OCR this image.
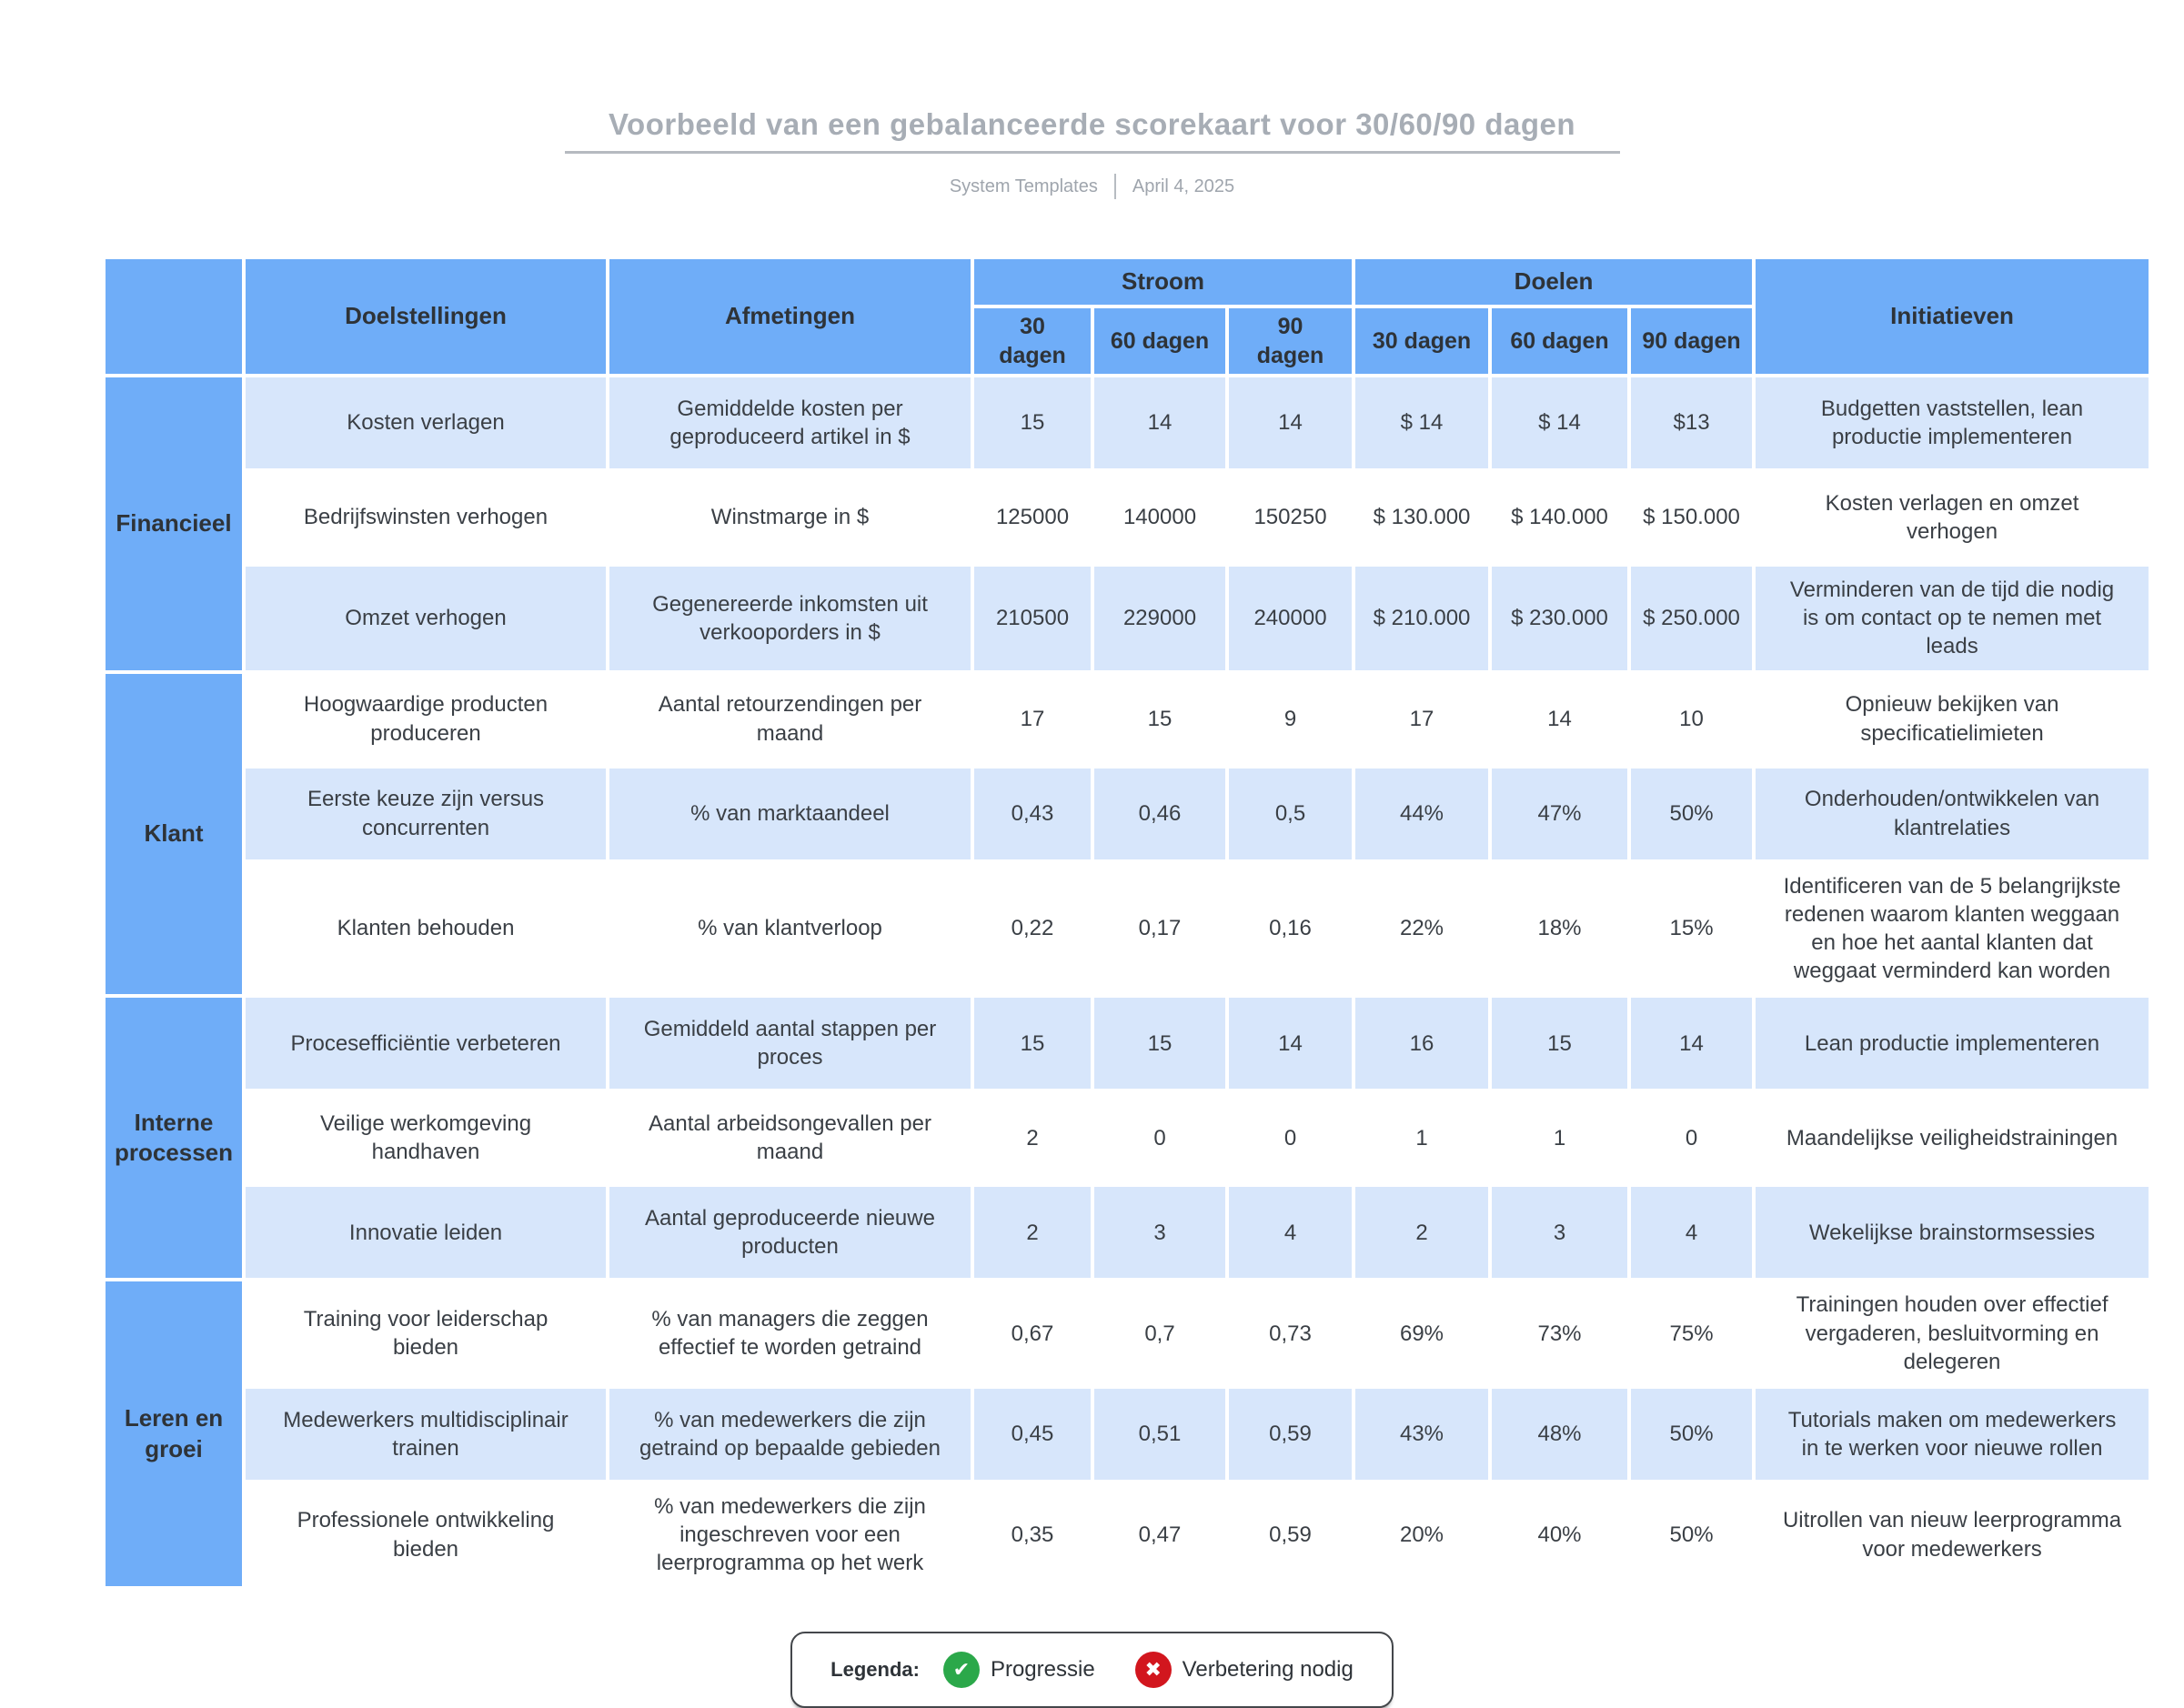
Voorbeeld van een gebalanceerde scorekaart voor 30/60/90 dagen
System Templates April 4, 2025
	Doelstellingen	Afmetingen	Stroom			Doelen			Initiatieven
			30 dagen	60 dagen	90 dagen	30 dagen	60 dagen	90 dagen	
Financieel	Kosten verlagen	Gemiddelde kosten per geproduceerd artikel in $	15	14	14	$ 14	$ 14	$13	Budgetten vaststellen, lean productie implementeren
	Bedrijfswinsten verhogen	Winstmarge in $	125000	140000	150250	$ 130.000	$ 140.000	$ 150.000	Kosten verlagen en omzet verhogen
	Omzet verhogen	Gegenereerde inkomsten uit verkooporders in $	210500	229000	240000	$ 210.000	$ 230.000	$ 250.000	Verminderen van de tijd die nodig is om contact op te nemen met leads
Klant	Hoogwaardige producten produceren	Aantal retourzendingen per maand	17	15	9	17	14	10	Opnieuw bekijken van specificatielimieten
	Eerste keuze zijn versus concurrenten	% van marktaandeel	0,43	0,46	0,5	44%	47%	50%	Onderhouden/ontwikkelen van klantrelaties
	Klanten behouden	% van klantverloop	0,22	0,17	0,16	22%	18%	15%	Identificeren van de 5 belangrijkste redenen waarom klanten weggaan en hoe het aantal klanten dat weggaat verminderd kan worden
Interne processen	Procesefficiëntie verbeteren	Gemiddeld aantal stappen per proces	15	15	14	16	15	14	Lean productie implementeren
	Veilige werkomgeving handhaven	Aantal arbeidsongevallen per maand	2	0	0	1	1	0	Maandelijkse veiligheidstrainingen
	Innovatie leiden	Aantal geproduceerde nieuwe producten	2	3	4	2	3	4	Wekelijkse brainstormsessies
Leren en groei	Training voor leiderschap bieden	% van managers die zeggen effectief te worden getraind	0,67	0,7	0,73	69%	73%	75%	Trainingen houden over effectief vergaderen, besluitvorming en delegeren
	Medewerkers multidisciplinair trainen	% van medewerkers die zijn getraind op bepaalde gebieden	0,45	0,51	0,59	43%	48%	50%	Tutorials maken om medewerkers in te werken voor nieuwe rollen
	Professionele ontwikkeling bieden	% van medewerkers die zijn ingeschreven voor een leerprogramma op het werk	0,35	0,47	0,59	20%	40%	50%	Uitrollen van nieuw leerprogramma voor medewerkers
Legenda: ✔ Progressie ✖ Verbetering nodig
